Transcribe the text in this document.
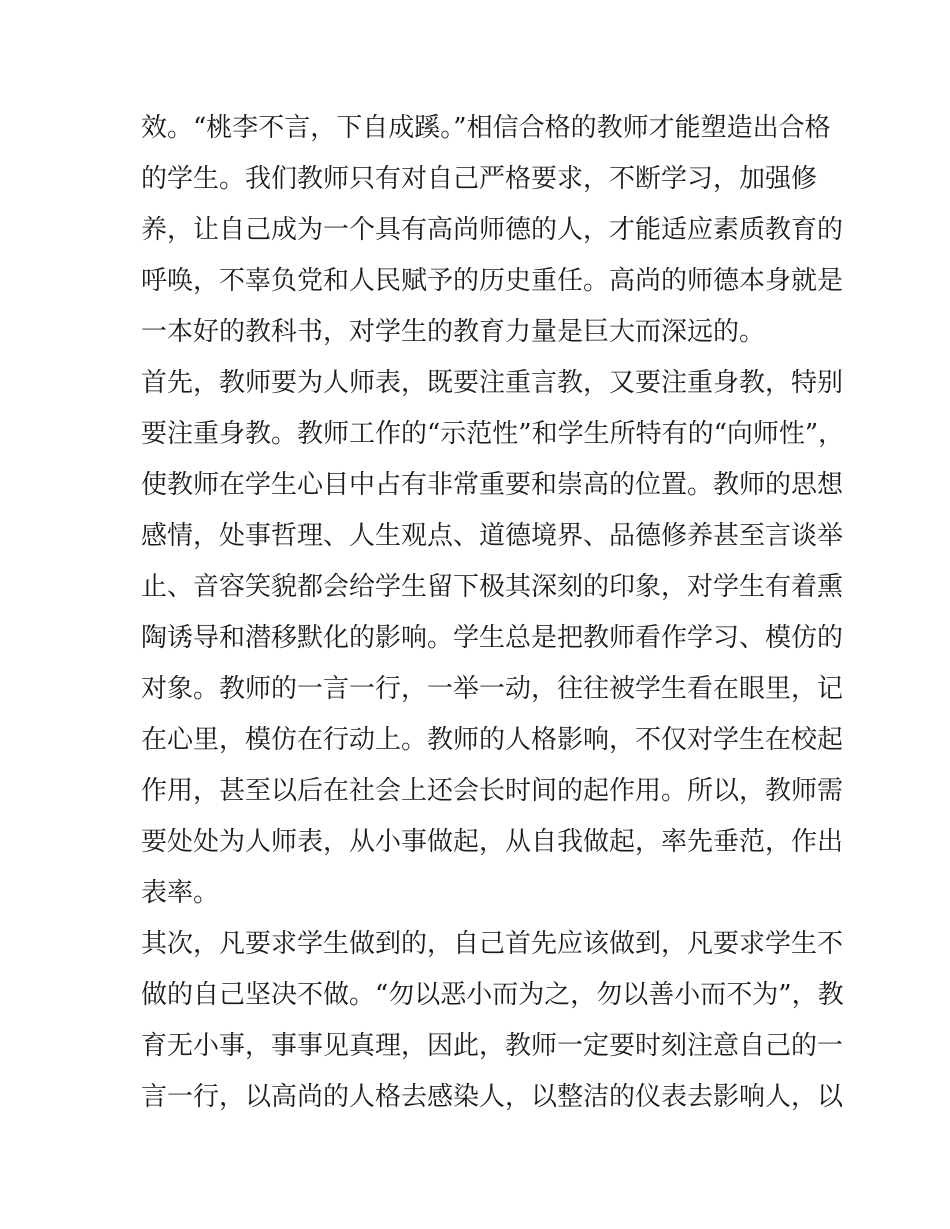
效。“桃李不言，下自成蹊。”相信合格的教师才能塑造出合格
的学生。我们教师只有对自己严格要求，不断学习，加强修
养，让自己成为一个具有高尚师德的人，才能适应素质教育的
呼唤，不辜负党和人民赋予的历史重任。高尚的师德本身就是
一本好的教科书，对学生的教育力量是巨大而深远的。
首先，教师要为人师表，既要注重言教，又要注重身教，特别
要注重身教。教师工作的“示范性”和学生所特有的“向师性”，
使教师在学生心目中占有非常重要和崇高的位置。教师的思想
感情，处事哲理、人生观点、道德境界、品德修养甚至言谈举
止、音容笑貌都会给学生留下极其深刻的印象，对学生有着熏
陶诱导和潜移默化的影响。学生总是把教师看作学习、模仿的
对象。教师的一言一行，一举一动，往往被学生看在眼里，记
在心里，模仿在行动上。教师的人格影响，不仅对学生在校起
作用，甚至以后在社会上还会长时间的起作用。所以，教师需
要处处为人师表，从小事做起，从自我做起，率先垂范，作出
表率。
其次，凡要求学生做到的，自己首先应该做到，凡要求学生不
做的自己坚决不做。“勿以恶小而为之，勿以善小而不为”，教
育无小事，事事见真理，因此，教师一定要时刻注意自己的一
言一行，以高尚的人格去感染人，以整洁的仪表去影响人，以
